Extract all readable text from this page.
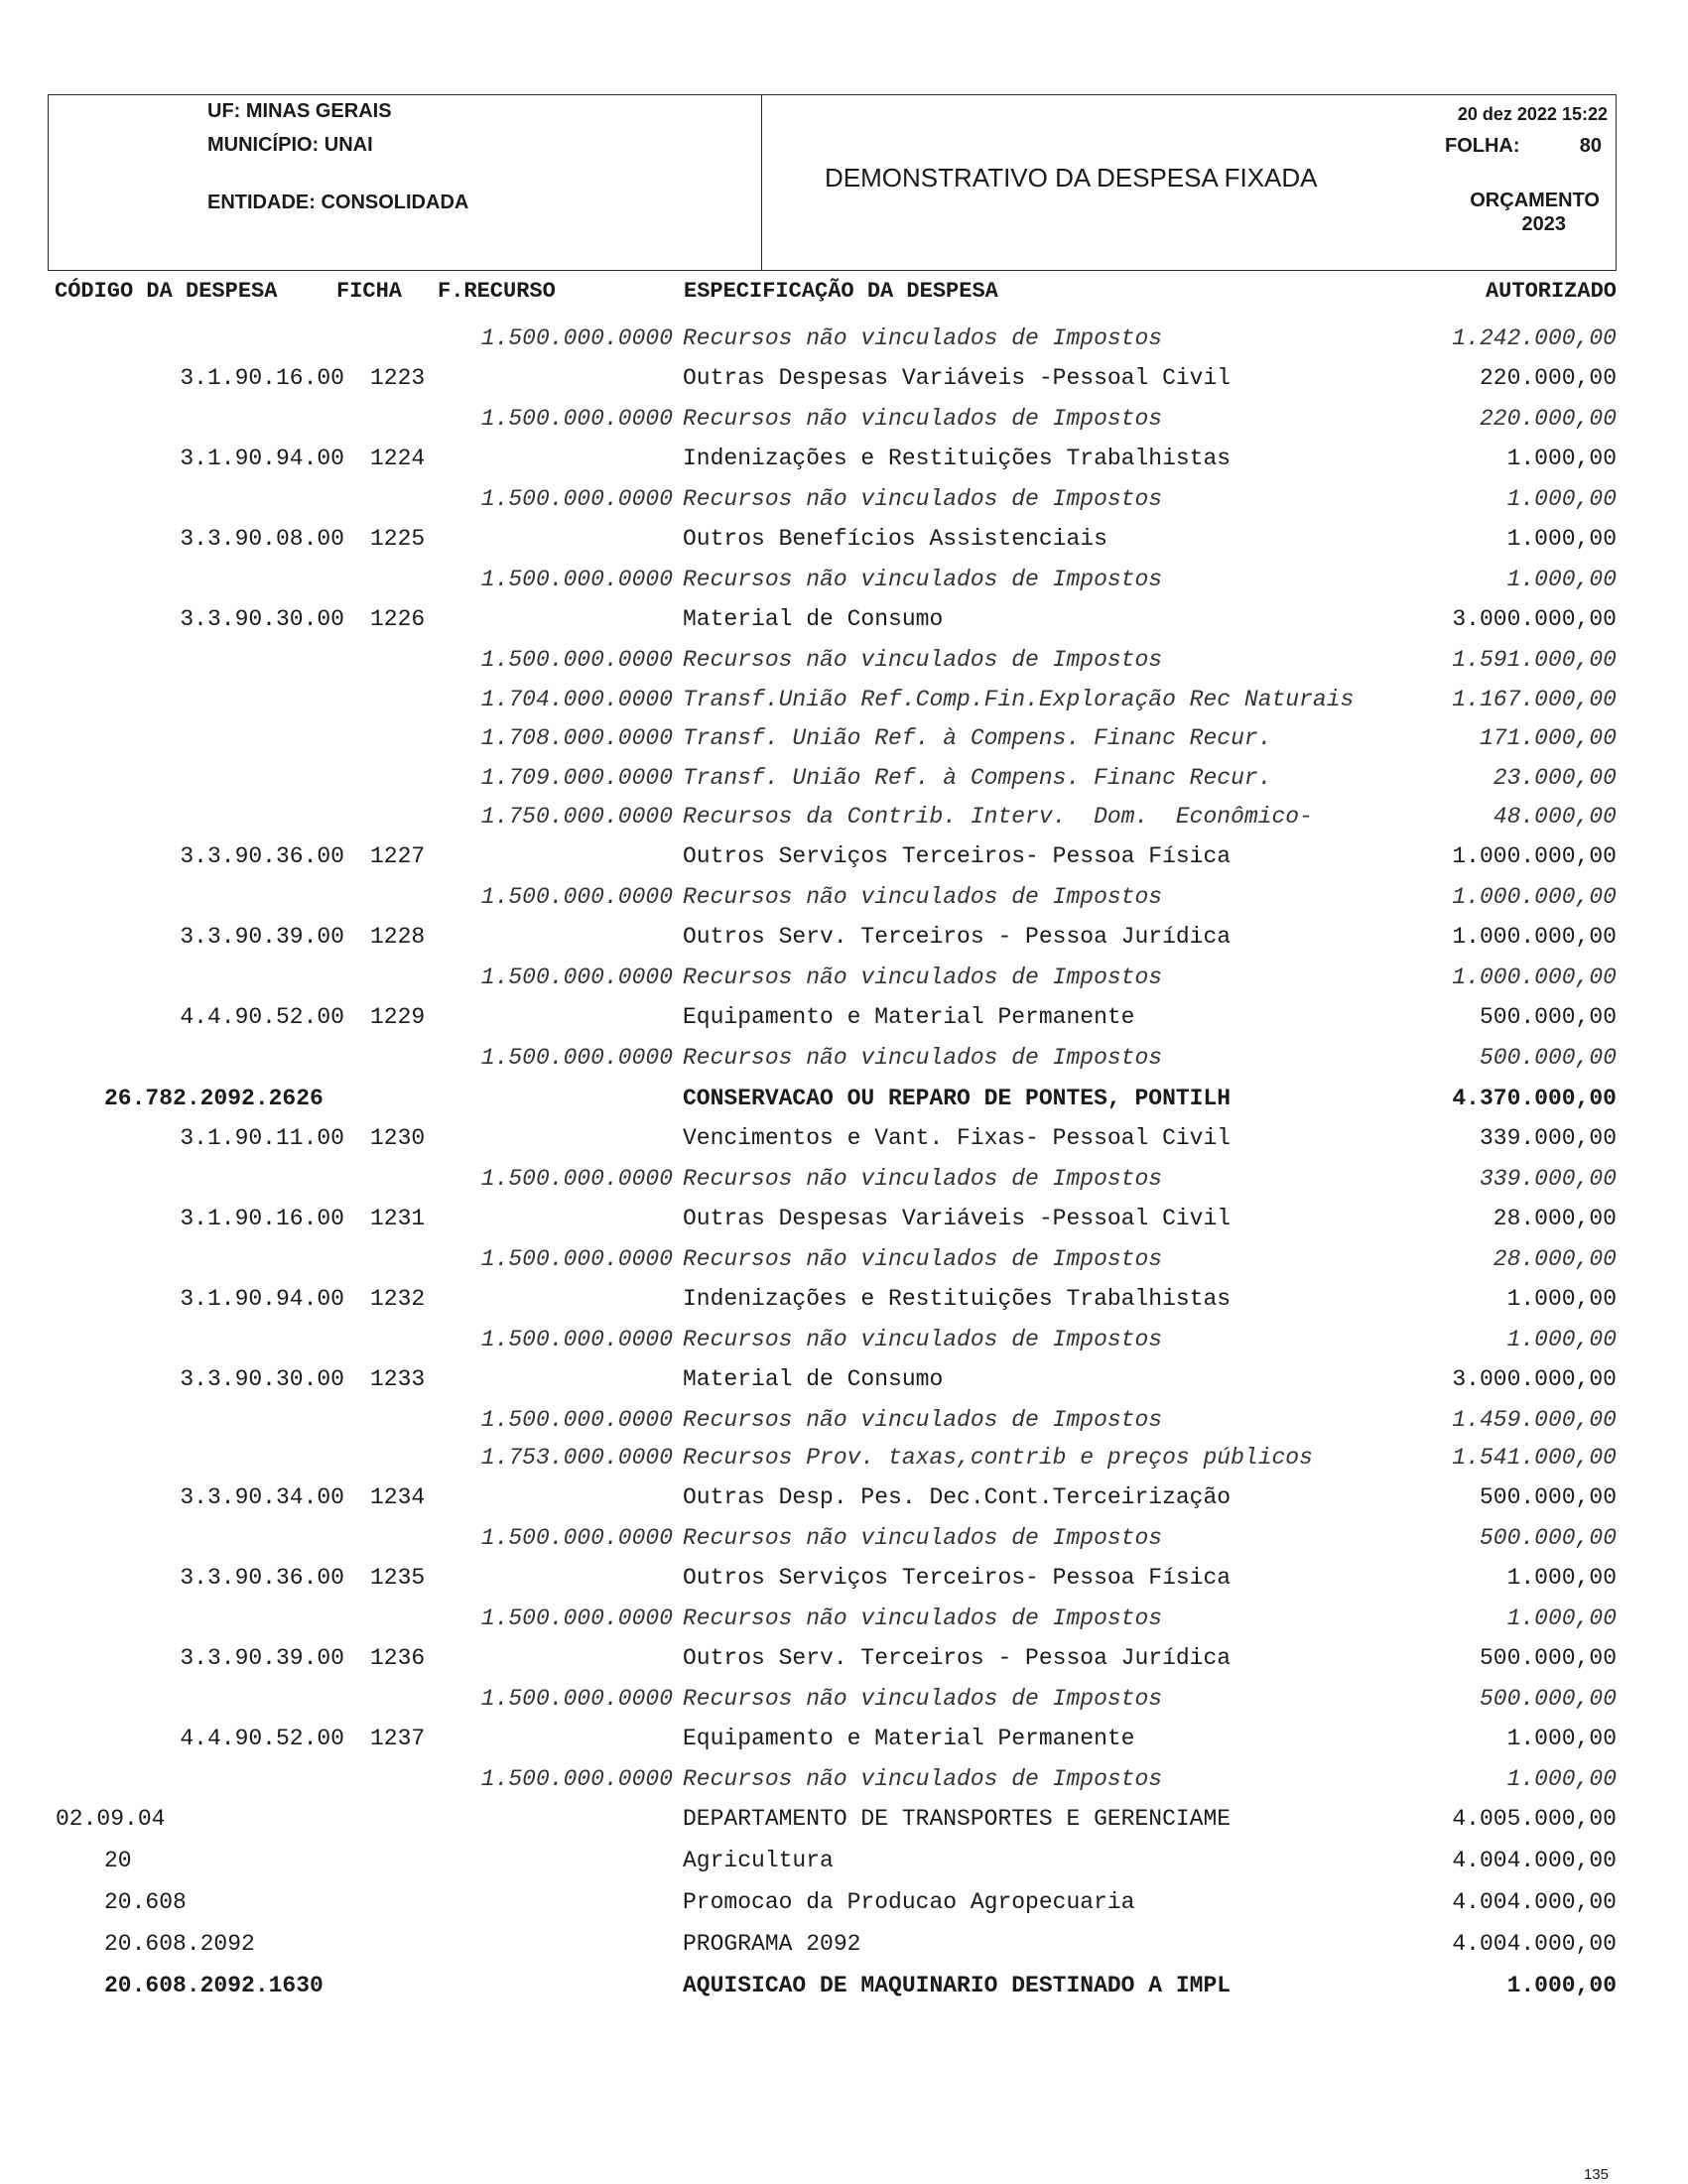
UF: MINAS GERAIS
MUNICÍPIO: UNAI
ENTIDADE: CONSOLIDADA
DEMONSTRATIVO DA DESPESA FIXADA
20 dez 2022 15:22
FOLHA:	80
ORÇAMENTO
2023
CÓDIGO DA DESPESA	FICHA F.RECURSO	ESPECIFICAÇÃO DA DESPESA	AUTORIZADO
1.500.000.0000 Recursos não vinculados de Impostos	1.242.000,00
3.1.90.16.00 1223	Outras Despesas Variáveis -Pessoal Civil	220.000,00
1.500.000.0000 Recursos não vinculados de Impostos	220.000,00
3.1.90.94.00 1224	Indenizações e Restituições Trabalhistas	1.000,00
1.500.000.0000 Recursos não vinculados de Impostos	1.000,00
3.3.90.08.00 1225	Outros Benefícios Assistenciais	1.000,00
1.500.000.0000 Recursos não vinculados de Impostos	1.000,00
3.3.90.30.00 1226	Material de Consumo	3.000.000,00
1.500.000.0000 Recursos não vinculados de Impostos	1.591.000,00
1.704.000.0000 Transf.União Ref.Comp.Fin.Exploração Rec Naturais	1.167.000,00
1.708.000.0000 Transf. União Ref. à Compens. Financ Recur.	171.000,00
1.709.000.0000 Transf. União Ref. à Compens. Financ Recur.	23.000,00
1.750.000.0000 Recursos da Contrib. Interv.  Dom.  Econômico-	48.000,00
3.3.90.36.00 1227	Outros Serviços Terceiros- Pessoa Física	1.000.000,00
1.500.000.0000 Recursos não vinculados de Impostos	1.000.000,00
3.3.90.39.00 1228	Outros Serv. Terceiros - Pessoa Jurídica	1.000.000,00
1.500.000.0000 Recursos não vinculados de Impostos	1.000.000,00
4.4.90.52.00 1229	Equipamento e Material Permanente	500.000,00
1.500.000.0000 Recursos não vinculados de Impostos	500.000,00
26.782.2092.2626	CONSERVACAO OU REPARO DE PONTES, PONTILH	4.370.000,00
3.1.90.11.00 1230	Vencimentos e Vant. Fixas- Pessoal Civil	339.000,00
1.500.000.0000 Recursos não vinculados de Impostos	339.000,00
3.1.90.16.00 1231	Outras Despesas Variáveis -Pessoal Civil	28.000,00
1.500.000.0000 Recursos não vinculados de Impostos	28.000,00
3.1.90.94.00 1232	Indenizações e Restituições Trabalhistas	1.000,00
1.500.000.0000 Recursos não vinculados de Impostos	1.000,00
3.3.90.30.00 1233	Material de Consumo	3.000.000,00
1.500.000.0000 Recursos não vinculados de Impostos	1.459.000,00
1.753.000.0000 Recursos Prov. taxas,contrib e preços públicos	1.541.000,00
3.3.90.34.00 1234	Outras Desp. Pes. Dec.Cont.Terceirização	500.000,00
1.500.000.0000 Recursos não vinculados de Impostos	500.000,00
3.3.90.36.00 1235	Outros Serviços Terceiros- Pessoa Física	1.000,00
1.500.000.0000 Recursos não vinculados de Impostos	1.000,00
3.3.90.39.00 1236	Outros Serv. Terceiros - Pessoa Jurídica	500.000,00
1.500.000.0000 Recursos não vinculados de Impostos	500.000,00
4.4.90.52.00 1237	Equipamento e Material Permanente	1.000,00
1.500.000.0000 Recursos não vinculados de Impostos	1.000,00
02.09.04	DEPARTAMENTO DE TRANSPORTES E GERENCIAME	4.005.000,00
20	Agricultura	4.004.000,00
20.608	Promocao da Producao Agropecuaria	4.004.000,00
20.608.2092	PROGRAMA 2092	4.004.000,00
20.608.2092.1630	AQUISICAO DE MAQUINARIO DESTINADO A IMPL	1.000,00
135
